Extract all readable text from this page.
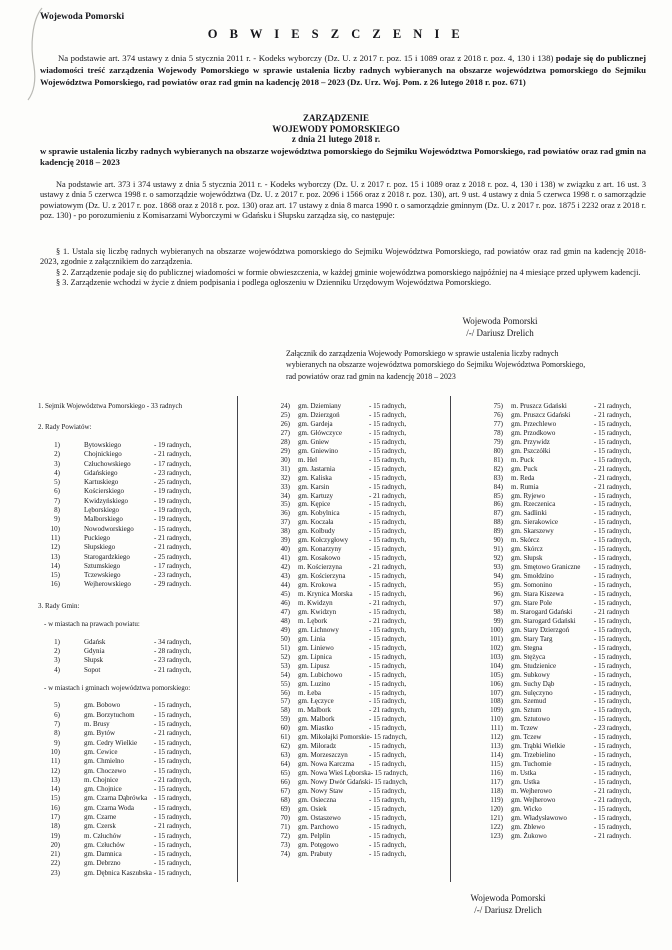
Wojewoda Pomorski
O B W I E S Z C Z E N I E
Na podstawie art. 374 ustawy z dnia 5 stycznia 2011 r. - Kodeks wyborczy (Dz. U. z 2017 r. poz. 15 i 1089 oraz z 2018 r. poz. 4, 130 i 138) podaje się do publicznej wiadomości treść zarządzenia Wojewody Pomorskiego w sprawie ustalenia liczby radnych wybieranych na obszarze województwa pomorskiego do Sejmiku Województwa Pomorskiego, rad powiatów oraz rad gmin na kadencję 2018 – 2023 (Dz. Urz. Woj. Pom. z 26 lutego 2018 r. poz. 671)
ZARZĄDZENIE
WOJEWODY POMORSKIEGO
z dnia 21 lutego 2018 r.
w sprawie ustalenia liczby radnych wybieranych na obszarze województwa pomorskiego do Sejmiku Województwa Pomorskiego, rad powiatów oraz rad gmin na kadencję 2018 – 2023
Na podstawie art. 373 i 374 ustawy z dnia 5 stycznia 2011 r. - Kodeks wyborczy (Dz. U. z 2017 r. poz. 15 i 1089 oraz z 2018 r. poz. 4, 130 i 138) w związku z art. 16 ust. 3 ustawy z dnia 5 czerwca 1998 r. o samorządzie województwa (Dz. U. z 2017 r. poz. 2096 i 1566 oraz z 2018 r. poz. 130), art. 9 ust. 4 ustawy z dnia 5 czerwca 1998 r. o samorządzie powiatowym (Dz. U. z 2017 r. poz. 1868 oraz z 2018 r. poz. 130) oraz art. 17 ustawy z dnia 8 marca 1990 r. o samorządzie gminnym (Dz. U. z 2017 r. poz. 1875 i 2232 oraz z 2018 r. poz. 130) - po porozumieniu z Komisarzami Wyborczymi w Gdańsku i Słupsku zarządza się, co następuje:

§ 1. Ustala się liczbę radnych wybieranych na obszarze województwa pomorskiego do Sejmiku Województwa Pomorskiego, rad powiatów oraz rad gmin na kadencję 2018-2023, zgodnie z załącznikiem do zarządzenia.

§ 2. Zarządzenie podaje się do publicznej wiadomości w formie obwieszczenia, w każdej gminie województwa pomorskiego najpóźniej na 4 miesiące przed upływem kadencji.

§ 3. Zarządzenie wchodzi w życie z dniem podpisania i podlega ogłoszeniu w Dzienniku Urzędowym Województwa Pomorskiego.

Wojewoda Pomorski
/-/ Dariusz Drelich
Załącznik do zarządzenia Wojewody Pomorskiego w sprawie ustalenia liczby radnych
wybieranych na obszarze województwa pomorskiego do Sejmiku Województwa Pomorskiego,
rad powiatów oraz rad gmin na kadencję 2018 – 2023
1. Sejmik Województwa Pomorskiego - 33 radnych
2. Rady Powiatów:
1)	Bytowskiego	- 19 radnych,
2)	Chojnickiego	- 21 radnych,
3)	Człuchowskiego	- 17 radnych,
4)	Gdańskiego	- 23 radnych,
5)	Kartuskiego	- 25 radnych,
6)	Kościerskiego	- 19 radnych,
7)	Kwidzyńskiego	- 19 radnych,
8)	Lęborskiego	- 19 radnych,
9)	Malborskiego	- 19 radnych,
10)	Nowodworskiego	- 15 radnych,
11)	Puckiego	- 21 radnych,
12)	Słupskiego	- 21 radnych,
13)	Starogardzkiego	- 25 radnych,
14)	Sztumskiego	- 17 radnych,
15)	Tczewskiego	- 23 radnych,
16)	Wejherowskiego	- 29 radnych.
3. Rady Gmin:
- w miastach na prawach powiatu:
1)	Gdańsk	- 34 radnych,
2)	Gdynia	- 28 radnych,
3)	Słupsk	- 23 radnych,
4)	Sopot	- 21 radnych,
- w miastach i gminach województwa pomorskiego:
5)	gm. Bobowo	- 15 radnych,
6)	gm. Borzytuchom	- 15 radnych,
7)	m. Brusy	- 15 radnych,
8)	gm. Bytów	- 21 radnych,
9)	gm. Cedry Wielkie	- 15 radnych,
10)	gm. Cewice	- 15 radnych,
11)	gm. Chmielno	- 15 radnych,
12)	gm. Choczewo	- 15 radnych,
13)	m. Chojnice	- 21 radnych,
14)	gm. Chojnice	- 15 radnych,
15)	gm. Czarna Dąbrówka - 15 radnych,
16)	gm. Czarna Woda	- 15 radnych,
17)	gm. Czarne	- 15 radnych,
18)	gm. Czersk	- 21 radnych,
19)	m. Człuchów	- 15 radnych,
20)	gm. Człuchów	- 15 radnych,
21)	gm. Damnica	- 15 radnych,
22)	gm. Debrzno	- 15 radnych,
23)	gm. Dębnica Kaszubska - 15 radnych,
24) gm. Dziemiany	- 15 radnych,
25) gm. Dzierzgoń	- 15 radnych,
26) gm. Gardeja	- 15 radnych,
27) gm. Główczyce	- 15 radnych,
28) gm. Gniew	- 15 radnych,
29) gm. Gniewino	- 15 radnych,
30) m. Hel	- 15 radnych,
31) gm. Jastarnia	- 15 radnych,
32) gm. Kaliska	- 15 radnych,
33) gm. Karsin	- 15 radnych,
34) gm. Kartuzy	- 21 radnych,
35) gm. Kępice	- 15 radnych,
36) gm. Kobylnica	- 15 radnych,
37) gm. Koczała	- 15 radnych,
38) gm. Kolbudy	- 15 radnych,
39) gm. Kołczygłowy	- 15 radnych,
40) gm. Konarzyny	- 15 radnych,
41) gm. Kosakowo	- 15 radnych,
42) m. Kościerzyna	- 21 radnych,
43) gm. Kościerzyna	- 15 radnych,
44) gm. Krokowa	- 15 radnych,
45) m. Krynica Morska	- 15 radnych,
46) m. Kwidzyn	- 21 radnych,
47) gm. Kwidzyn	- 15 radnych,
48) m. Lębork	- 21 radnych,
49) gm. Lichnowy	- 15 radnych,
50) gm. Linia	- 15 radnych,
51) gm. Liniewo	- 15 radnych,
52) gm. Lipnica	- 15 radnych,
53) gm. Lipusz	- 15 radnych,
54) gm. Lubichowo	- 15 radnych,
55) gm. Luzino	- 15 radnych,
56) m. Łeba	- 15 radnych,
57) gm. Łęczyce	- 15 radnych,
58) m. Malbork	- 21 radnych,
59) gm. Malbork	- 15 radnych,
60) gm. Miastko	- 15 radnych,
61) gm. Mikołajki Pomorskie - 15 radnych,
62) gm. Miłoradz	- 15 radnych,
63) gm. Morzeszczyn	- 15 radnych,
64) gm. Nowa Karczma	- 15 radnych,
65) gm. Nowa Wieś Lęborska - 15 radnych,
66) gm. Nowy Dwór Gdański - 15 radnych,
67) gm. Nowy Staw	- 15 radnych,
68) gm. Osieczna	- 15 radnych,
69) gm. Osiek	- 15 radnych,
70) gm. Ostaszewo	- 15 radnych,
71) gm. Parchowo	- 15 radnych,
72) gm. Pelplin	- 15 radnych,
73) gm. Potęgowo	- 15 radnych,
74) gm. Prabuty	- 15 radnych,
75) m. Pruszcz Gdański	- 21 radnych,
76) gm. Pruszcz Gdański	- 21 radnych,
77) gm. Przechlewo	- 15 radnych,
78) gm. Przodkowo	- 15 radnych,
79) gm. Przywidz	- 15 radnych,
80) gm. Pszczółki	- 15 radnych,
81) m. Puck	- 15 radnych,
82) gm. Puck	- 21 radnych,
83) m. Reda	- 21 radnych,
84) m. Rumia	- 21 radnych,
85) gm. Ryjewo	- 15 radnych,
86) gm. Rzeczenica	- 15 radnych,
87) gm. Sadlinki	- 15 radnych,
88) gm. Sierakowice	- 15 radnych,
89) gm. Skarszewy	- 15 radnych,
90) m. Skórcz	- 15 radnych,
91) gm. Skórcz	- 15 radnych,
92) gm. Słupsk	- 15 radnych,
93) gm. Smętowo Graniczne	- 15 radnych,
94) gm. Smołdzino	- 15 radnych,
95) gm. Somonino	- 15 radnych,
96) gm. Stara Kiszewa	- 15 radnych,
97) gm. Stare Pole	- 15 radnych,
98) m. Starogard Gdański	- 21 radnych
99) gm. Starogard Gdański	- 15 radnych,
100) gm. Stary Dzierzgoń	- 15 radnych,
101) gm. Stary Targ	- 15 radnych,
102) gm. Stegna	- 15 radnych,
103) gm. Stężyca	- 15 radnych,
104) gm. Studzienice	- 15 radnych,
105) gm. Subkowy	- 15 radnych,
106) gm. Suchy Dąb	- 15 radnych,
107) gm. Sulęczyno	- 15 radnych,
108) gm. Szemud	- 15 radnych,
109) gm. Sztum	- 15 radnych,
110) gm. Sztutowo	- 15 radnych,
111) m. Tczew	- 23 radnych,
112) gm. Tczew	- 15 radnych,
113) gm. Trąbki Wielkie	- 15 radnych,
114) gm. Trzebielino	- 15 radnych,
115) gm. Tuchomie	- 15 radnych,
116) m. Ustka	- 15 radnych,
117) gm. Ustka	- 15 radnych,
118) m. Wejherowo	- 21 radnych,
119) gm. Wejherowo	- 21 radnych,
120) gm. Wicko	- 15 radnych,
121) gm. Władysławowo	- 15 radnych,
122) gm. Zblewo	- 15 radnych,
123) gm. Żukowo	- 21 radnych.
Wojewoda Pomorski
/-/ Dariusz Drelich
